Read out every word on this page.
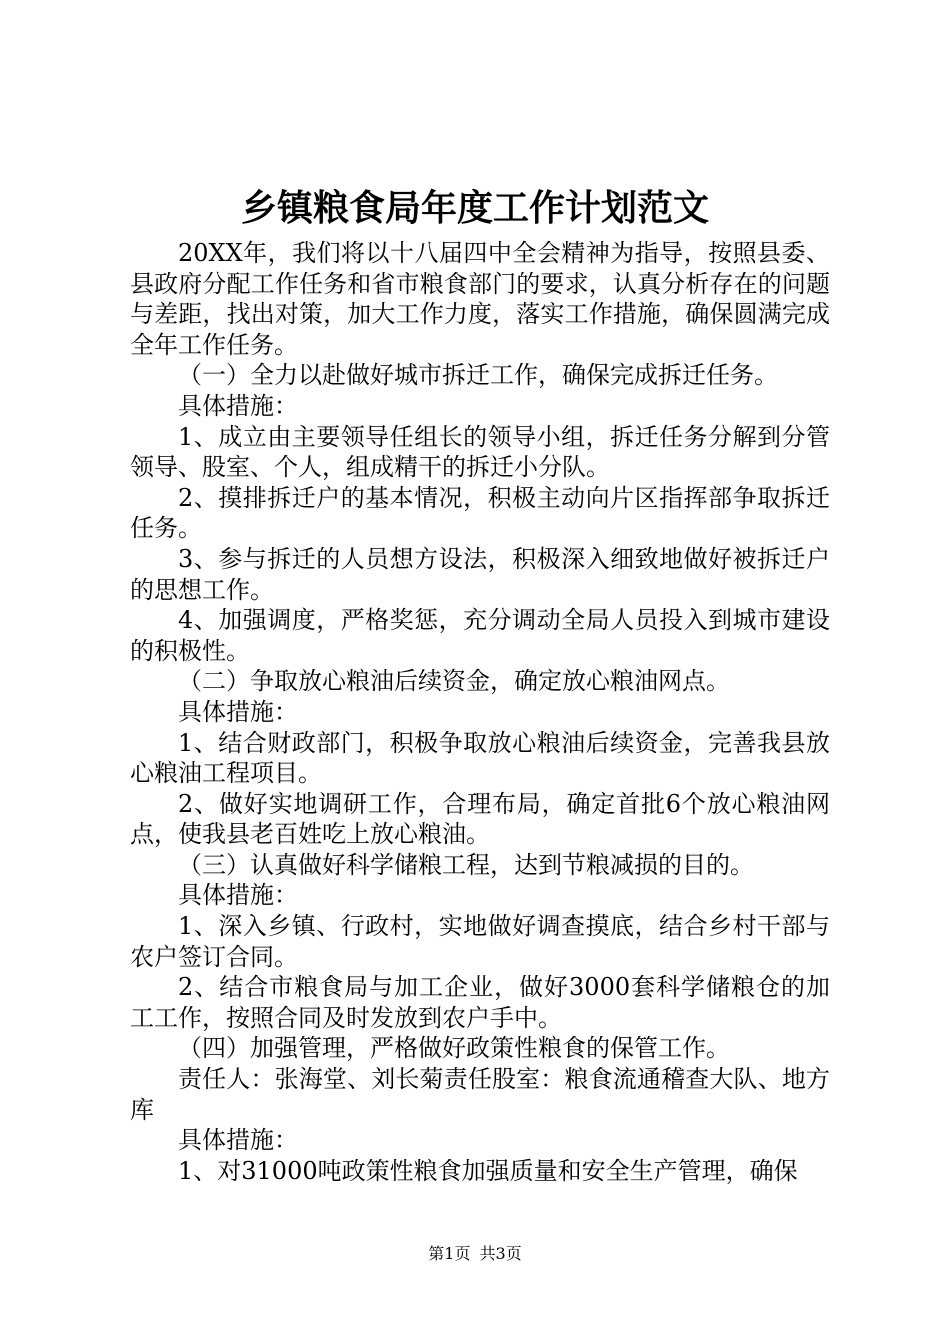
乡镇粮食局年度工作计划范文

20XX年，我们将以十八届四中全会精神为指导，按照县委、县政府分配工作任务和省市粮食部门的要求，认真分析存在的问题与差距，找出对策，加大工作力度，落实工作措施，确保圆满完成全年工作任务。

（一）全力以赴做好城市拆迁工作，确保完成拆迁任务。

具体措施：

1、成立由主要领导任组长的领导小组，拆迁任务分解到分管领导、股室、个人，组成精干的拆迁小分队。

2、摸排拆迁户的基本情况，积极主动向片区指挥部争取拆迁任务。

3、参与拆迁的人员想方设法，积极深入细致地做好被拆迁户的思想工作。

4、加强调度，严格奖惩，充分调动全局人员投入到城市建设的积极性。

（二）争取放心粮油后续资金，确定放心粮油网点。

具体措施：

1、结合财政部门，积极争取放心粮油后续资金，完善我县放心粮油工程项目。

2、做好实地调研工作，合理布局，确定首批6个放心粮油网点，使我县老百姓吃上放心粮油。

（三）认真做好科学储粮工程，达到节粮减损的目的。

具体措施：

1、深入乡镇、行政村，实地做好调查摸底，结合乡村干部与农户签订合同。

2、结合市粮食局与加工企业，做好3000套科学储粮仓的加工工作，按照合同及时发放到农户手中。

（四）加强管理，严格做好政策性粮食的保管工作。

责任人：张海堂、刘长菊责任股室：粮食流通稽查大队、地方库

具体措施：

1、对31000吨政策性粮食加强质量和安全生产管理，确保

第1页 共3页
